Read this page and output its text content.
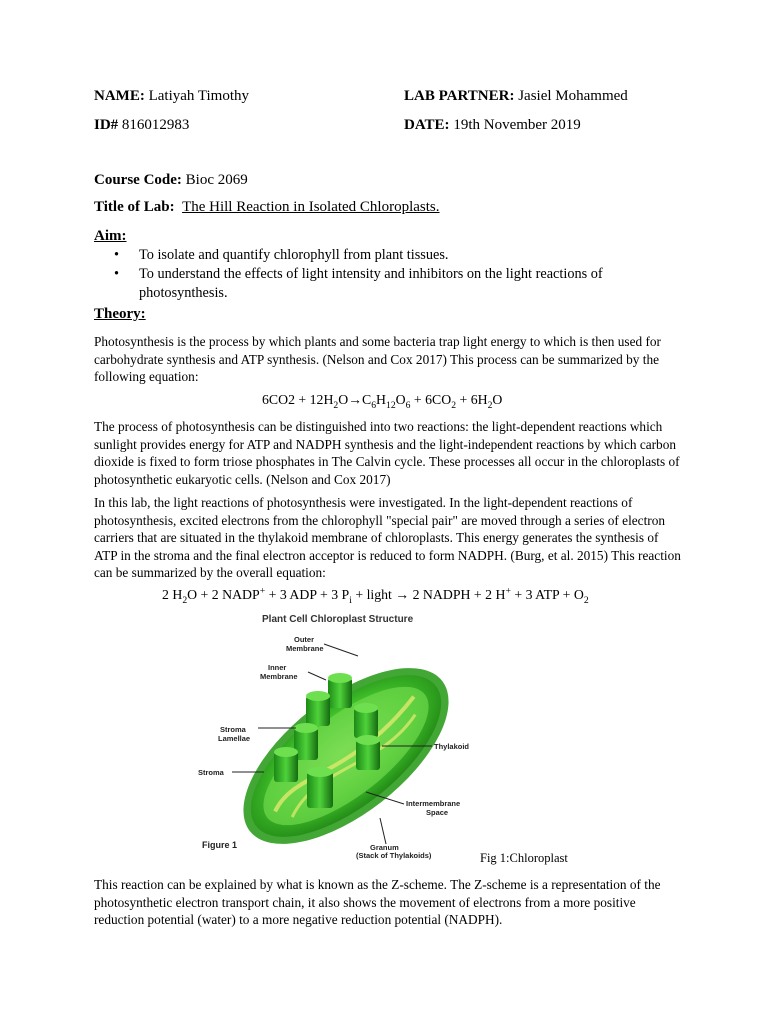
NAME: Latiyah Timothy	LAB PARTNER: Jasiel Mohammed
ID# 816012983	DATE: 19th November 2019
Course Code: Bioc 2069
Title of Lab: The Hill Reaction in Isolated Chloroplasts.
Aim:
• To isolate and quantify chlorophyll from plant tissues.
• To understand the effects of light intensity and inhibitors on the light reactions of photosynthesis.
Theory:

Photosynthesis is the process by which plants and some bacteria trap light energy to which is then used for carbohydrate synthesis and ATP synthesis. (Nelson and Cox 2017) This process can be summarized by the following equation:

$6CO2 + 12H_2O\to C_6H_{12}O_6 + 6CO_2 + 6H_2O$

The process of photosynthesis can be distinguished into two reactions: the light-dependent reactions which sunlight provides energy for ATP and NADPH synthesis and the light-independent reactions by which carbon dioxide is fixed to form triose phosphates in The Calvin cycle. These processes all occur in the chloroplasts of photosynthetic eukaryotic cells. (Nelson and Cox 2017)

In this lab, the light reactions of photosynthesis were investigated. In the light-dependent reactions of photosynthesis, excited electrons from the chlorophyll "special pair" are moved through a series of electron carriers that are situated in the thylakoid membrane of chloroplasts. This energy generates the synthesis of ATP in the stroma and the final electron acceptor is reduced to form NADPH. (Burg, et al. 2015) This reaction can be summarized by the overall equation:

2 $H_2O + 2$ NADP+ + 3 ADP + 3 $P_i$ + light → 2 NADPH + 2 H+ + 3 ATP + $O_2$
Plant Cell Chloroplast Structure
Outer
Membrane
Inner
Membrane
Stroma
Lamellae
Stroma
Thylakoid
Intermembrane
Space
Granum
(Stack of Thylakoids)
Figure 1
Fig 1:Chloroplast

This reaction can be explained by what is known as the Z-scheme. The Z-scheme is a representation of the photosynthetic electron transport chain, it also shows the movement of electrons from a more positive reduction potential (water) to a more negative reduction potential (NADPH).
